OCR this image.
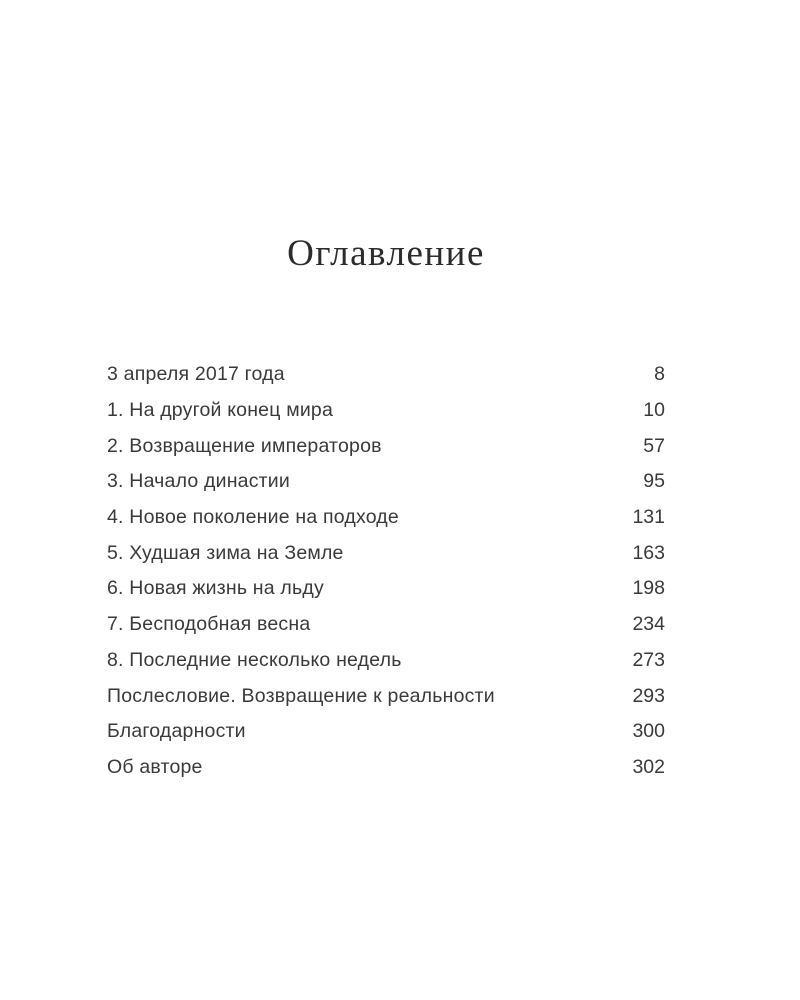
Оглавление
3 апреля 2017 года	8
1. На другой конец мира	10
2. Возвращение императоров	57
3. Начало династии	95
4. Новое поколение на подходе	131
5. Худшая зима на Земле	163
6. Новая жизнь на льду	198
7. Бесподобная весна	234
8. Последние несколько недель	273
Послесловие. Возвращение к реальности	293
Благодарности	300
Об авторе	302
